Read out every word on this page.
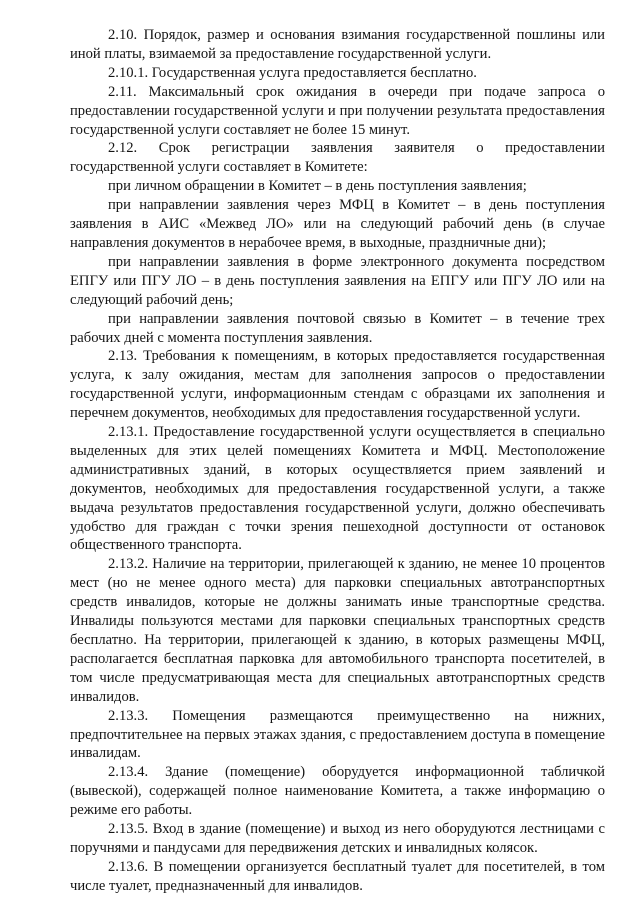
2.10. Порядок, размер и основания взимания государственной пошлины или иной платы, взимаемой за предоставление государственной услуги.

2.10.1. Государственная услуга предоставляется бесплатно.

2.11. Максимальный срок ожидания в очереди при подаче запроса о предоставлении государственной услуги и при получении результата предоставления государственной услуги составляет не более 15 минут.

2.12. Срок регистрации заявления заявителя о предоставлении государственной услуги составляет в Комитете:

при личном обращении в Комитет – в день поступления заявления;

при направлении заявления через МФЦ в Комитет – в день поступления заявления в АИС «Межвед ЛО» или на следующий рабочий день (в случае направления документов в нерабочее время, в выходные, праздничные дни);

при направлении заявления в форме электронного документа посредством ЕПГУ или ПГУ ЛО – в день поступления заявления на ЕПГУ или ПГУ ЛО или на следующий рабочий день;

при направлении заявления почтовой связью в Комитет – в течение трех рабочих дней с момента поступления заявления.

2.13. Требования к помещениям, в которых предоставляется государственная услуга, к залу ожидания, местам для заполнения запросов о предоставлении государственной услуги, информационным стендам с образцами их заполнения и перечнем документов, необходимых для предоставления государственной услуги.

2.13.1. Предоставление государственной услуги осуществляется в специально выделенных для этих целей помещениях Комитета и МФЦ. Местоположение административных зданий, в которых осуществляется прием заявлений и документов, необходимых для предоставления государственной услуги, а также выдача результатов предоставления государственной услуги, должно обеспечивать удобство для граждан с точки зрения пешеходной доступности от остановок общественного транспорта.

2.13.2. Наличие на территории, прилегающей к зданию, не менее 10 процентов мест (но не менее одного места) для парковки специальных автотранспортных средств инвалидов, которые не должны занимать иные транспортные средства. Инвалиды пользуются местами для парковки специальных транспортных средств бесплатно. На территории, прилегающей к зданию, в которых размещены МФЦ, располагается бесплатная парковка для автомобильного транспорта посетителей, в том числе предусматривающая места для специальных автотранспортных средств инвалидов.

2.13.3. Помещения размещаются преимущественно на нижних, предпочтительнее на первых этажах здания, с предоставлением доступа в помещение инвалидам.

2.13.4. Здание (помещение) оборудуется информационной табличкой (вывеской), содержащей полное наименование Комитета, а также информацию о режиме его работы.

2.13.5. Вход в здание (помещение) и выход из него оборудуются лестницами с поручнями и пандусами для передвижения детских и инвалидных колясок.

2.13.6. В помещении организуется бесплатный туалет для посетителей, в том числе туалет, предназначенный для инвалидов.
